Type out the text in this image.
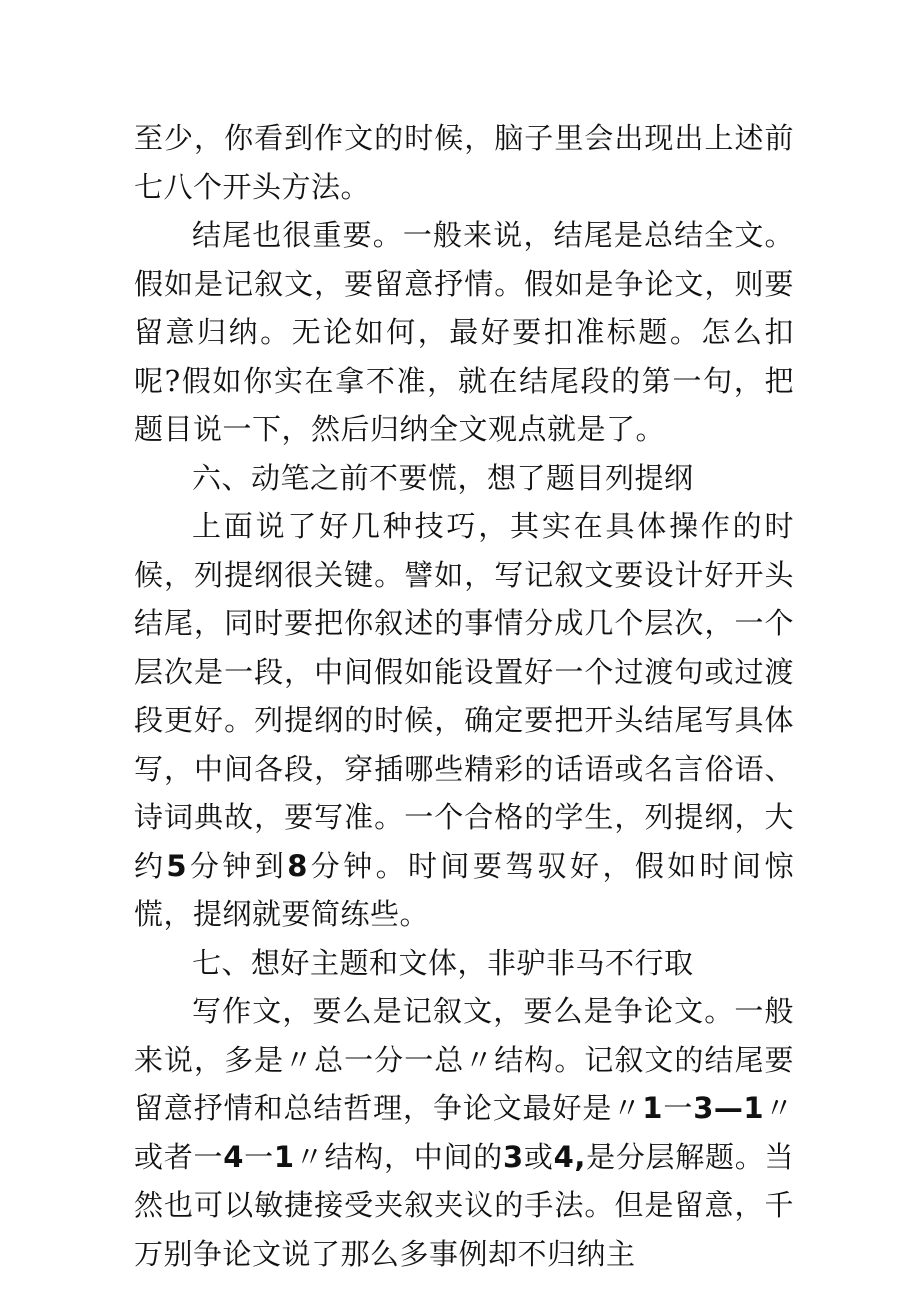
至少，你看到作文的时候，脑子里会出现出上述前七八个开头方法。

结尾也很重要。一般来说，结尾是总结全文。假如是记叙文，要留意抒情。假如是争论文，则要留意归纳。无论如何，最好要扣准标题。怎么扣呢?假如你实在拿不准，就在结尾段的第一句，把题目说一下，然后归纳全文观点就是了。

六、动笔之前不要慌，想了题目列提纲

上面说了好几种技巧，其实在具体操作的时候，列提纲很关键。譬如，写记叙文要设计好开头结尾，同时要把你叙述的事情分成几个层次，一个层次是一段，中间假如能设置好一个过渡句或过渡段更好。列提纲的时候，确定要把开头结尾写具体写，中间各段，穿插哪些精彩的话语或名言俗语、诗词典故，要写准。一个合格的学生，列提纲，大约5分钟到8分钟。时间要驾驭好，假如时间惊慌，提纲就要简练些。

七、想好主题和文体，非驴非马不行取

写作文，要么是记叙文，要么是争论文。一般来说，多是〃总一分一总〃结构。记叙文的结尾要留意抒情和总结哲理，争论文最好是〃1一3—1〃或者一4一1〃结构，中间的3或4,是分层解题。当然也可以敏捷接受夹叙夹议的手法。但是留意，千万别争论文说了那么多事例却不归纳主
